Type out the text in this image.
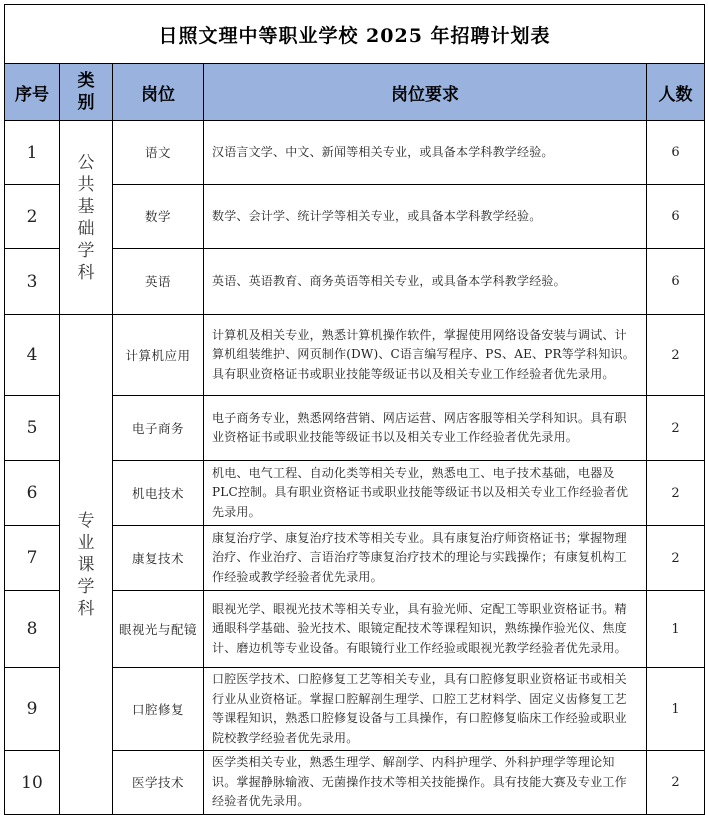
日照文理中等职业学校 2025 年招聘计划表				
序号	类别	岗位	岗位要求	人数
1	公共基础学科	语文	汉语言文学、中文、新闻等相关专业，或具备本学科教学经验。	6
2		数学	数学、会计学、统计学等相关专业，或具备本学科教学经验。	6
3		英语	英语、英语教育、商务英语等相关专业，或具备本学科教学经验。	6
4	专业课学科	计算机应用	计算机及相关专业，熟悉计算机操作软件，掌握使用网络设备安装与调试、计算机组装维护、网页制作(DW)、C语言编写程序、PS、AE、PR等学科知识。具有职业资格证书或职业技能等级证书以及相关专业工作经验者优先录用。	2
5		电子商务	电子商务专业，熟悉网络营销、网店运营、网店客服等相关学科知识。具有职业资格证书或职业技能等级证书以及相关专业工作经验者优先录用。	2
6		机电技术	机电、电气工程、自动化类等相关专业，熟悉电工、电子技术基础，电器及PLC控制。具有职业资格证书或职业技能等级证书以及相关专业工作经验者优先录用。	2
7		康复技术	康复治疗学、康复治疗技术等相关专业。具有康复治疗师资格证书；掌握物理治疗、作业治疗、言语治疗等康复治疗技术的理论与实践操作；有康复机构工作经验或教学经验者优先录用。	2
8		眼视光与配镜	眼视光学、眼视光技术等相关专业，具有验光师、定配工等职业资格证书。精通眼科学基础、验光技术、眼镜定配技术等课程知识，熟练操作验光仪、焦度计、磨边机等专业设备。有眼镜行业工作经验或眼视光教学经验者优先录用。	1
9		口腔修复	口腔医学技术、口腔修复工艺等相关专业，具有口腔修复职业资格证书或相关行业从业资格证。掌握口腔解剖生理学、口腔工艺材料学、固定义齿修复工艺等课程知识，熟悉口腔修复设备与工具操作，有口腔修复临床工作经验或职业院校教学经验者优先录用。	1
10		医学技术	医学类相关专业，熟悉生理学、解剖学、内科护理学、外科护理学等理论知识。掌握静脉输液、无菌操作技术等相关技能操作。具有技能大赛及专业工作经验者优先录用。	2
